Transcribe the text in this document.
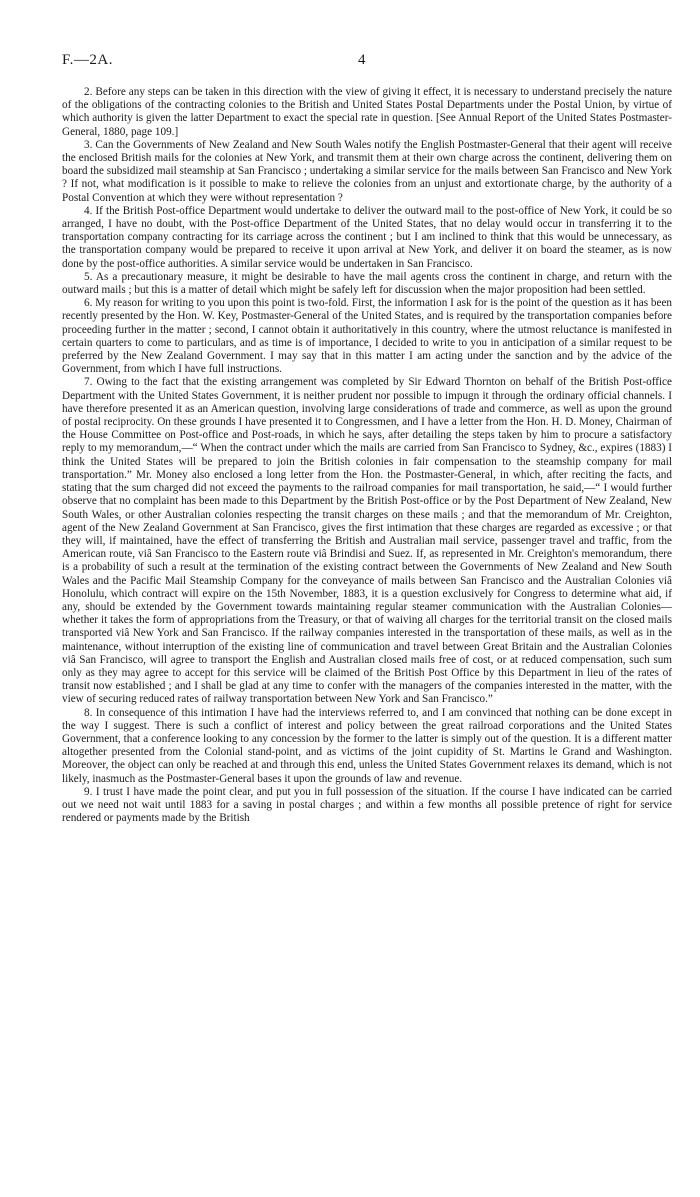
F.—2A.	4

2. Before any steps can be taken in this direction with the view of giving it effect, it is necessary to understand precisely the nature of the obligations of the contracting colonies to the British and United States Postal Departments under the Postal Union, by virtue of which authority is given the latter Department to exact the special rate in question. [See Annual Report of the United States Postmaster-General, 1880, page 109.]

3. Can the Governments of New Zealand and New South Wales notify the English Postmaster-General that their agent will receive the enclosed British mails for the colonies at New York, and transmit them at their own charge across the continent, delivering them on board the subsidized mail steamship at San Francisco ; undertaking a similar service for the mails between San Francisco and New York ? If not, what modification is it possible to make to relieve the colonies from an unjust and extortionate charge, by the authority of a Postal Convention at which they were without representation ?

4. If the British Post-office Department would undertake to deliver the outward mail to the post-office of New York, it could be so arranged, I have no doubt, with the Post-office Department of the United States, that no delay would occur in transferring it to the transportation company contracting for its carriage across the continent ; but I am inclined to think that this would be unnecessary, as the transportation company would be prepared to receive it upon arrival at New York, and deliver it on board the steamer, as is now done by the post-office authorities. A similar service would be undertaken in San Francisco.

5. As a precautionary measure, it might be desirable to have the mail agents cross the continent in charge, and return with the outward mails ; but this is a matter of detail which might be safely left for discussion when the major proposition had been settled.

6. My reason for writing to you upon this point is two-fold. First, the information I ask for is the point of the question as it has been recently presented by the Hon. W. Key, Postmaster-General of the United States, and is required by the transportation companies before proceeding further in the matter ; second, I cannot obtain it authoritatively in this country, where the utmost reluctance is manifested in certain quarters to come to particulars, and as time is of importance, I decided to write to you in anticipation of a similar request to be preferred by the New Zealand Government. I may say that in this matter I am acting under the sanction and by the advice of the Government, from which I have full instructions.

7. Owing to the fact that the existing arrangement was completed by Sir Edward Thornton on behalf of the British Post-office Department with the United States Government, it is neither prudent nor possible to impugn it through the ordinary official channels. I have therefore presented it as an American question, involving large considerations of trade and commerce, as well as upon the ground of postal reciprocity. On these grounds I have presented it to Congressmen, and I have a letter from the Hon. H. D. Money, Chairman of the House Committee on Post-office and Post-roads, in which he says, after detailing the steps taken by him to procure a satisfactory reply to my memorandum,—“ When the contract under which the mails are carried from San Francisco to Sydney, &c., expires (1883) I think the United States will be prepared to join the British colonies in fair compensation to the steamship company for mail transportation.” Mr. Money also enclosed a long letter from the Hon. the Postmaster-General, in which, after reciting the facts, and stating that the sum charged did not exceed the payments to the railroad companies for mail transportation, he said,—“ I would further observe that no complaint has been made to this Department by the British Post-office or by the Post Department of New Zealand, New South Wales, or other Australian colonies respecting the transit charges on these mails ; and that the memorandum of Mr. Creighton, agent of the New Zealand Government at San Francisco, gives the first intimation that these charges are regarded as excessive ; or that they will, if maintained, have the effect of transferring the British and Australian mail service, passenger travel and traffic, from the American route, viâ San Francisco to the Eastern route viâ Brindisi and Suez. If, as represented in Mr. Creighton's memorandum, there is a probability of such a result at the termination of the existing contract between the Governments of New Zealand and New South Wales and the Pacific Mail Steamship Company for the conveyance of mails between San Francisco and the Australian Colonies viâ Honolulu, which contract will expire on the 15th November, 1883, it is a question exclusively for Congress to determine what aid, if any, should be extended by the Government towards maintaining regular steamer communication with the Australian Colonies—whether it takes the form of appropriations from the Treasury, or that of waiving all charges for the territorial transit on the closed mails transported viâ New York and San Francisco. If the railway companies interested in the transportation of these mails, as well as in the maintenance, without interruption of the existing line of communication and travel between Great Britain and the Australian Colonies viâ San Francisco, will agree to transport the English and Australian closed mails free of cost, or at reduced compensation, such sum only as they may agree to accept for this service will be claimed of the British Post Office by this Department in lieu of the rates of transit now established ; and I shall be glad at any time to confer with the managers of the companies interested in the matter, with the view of securing reduced rates of railway transportation between New York and San Francisco.”

8. In consequence of this intimation I have had the interviews referred to, and I am convinced that nothing can be done except in the way I suggest. There is such a conflict of interest and policy between the great railroad corporations and the United States Government, that a conference looking to any concession by the former to the latter is simply out of the question. It is a different matter altogether presented from the Colonial stand-point, and as victims of the joint cupidity of St. Martins le Grand and Washington. Moreover, the object can only be reached at and through this end, unless the United States Government relaxes its demand, which is not likely, inasmuch as the Postmaster-General bases it upon the grounds of law and revenue.

9. I trust I have made the point clear, and put you in full possession of the situation. If the course I have indicated can be carried out we need not wait until 1883 for a saving in postal charges ; and within a few months all possible pretence of right for service rendered or payments made by the British
